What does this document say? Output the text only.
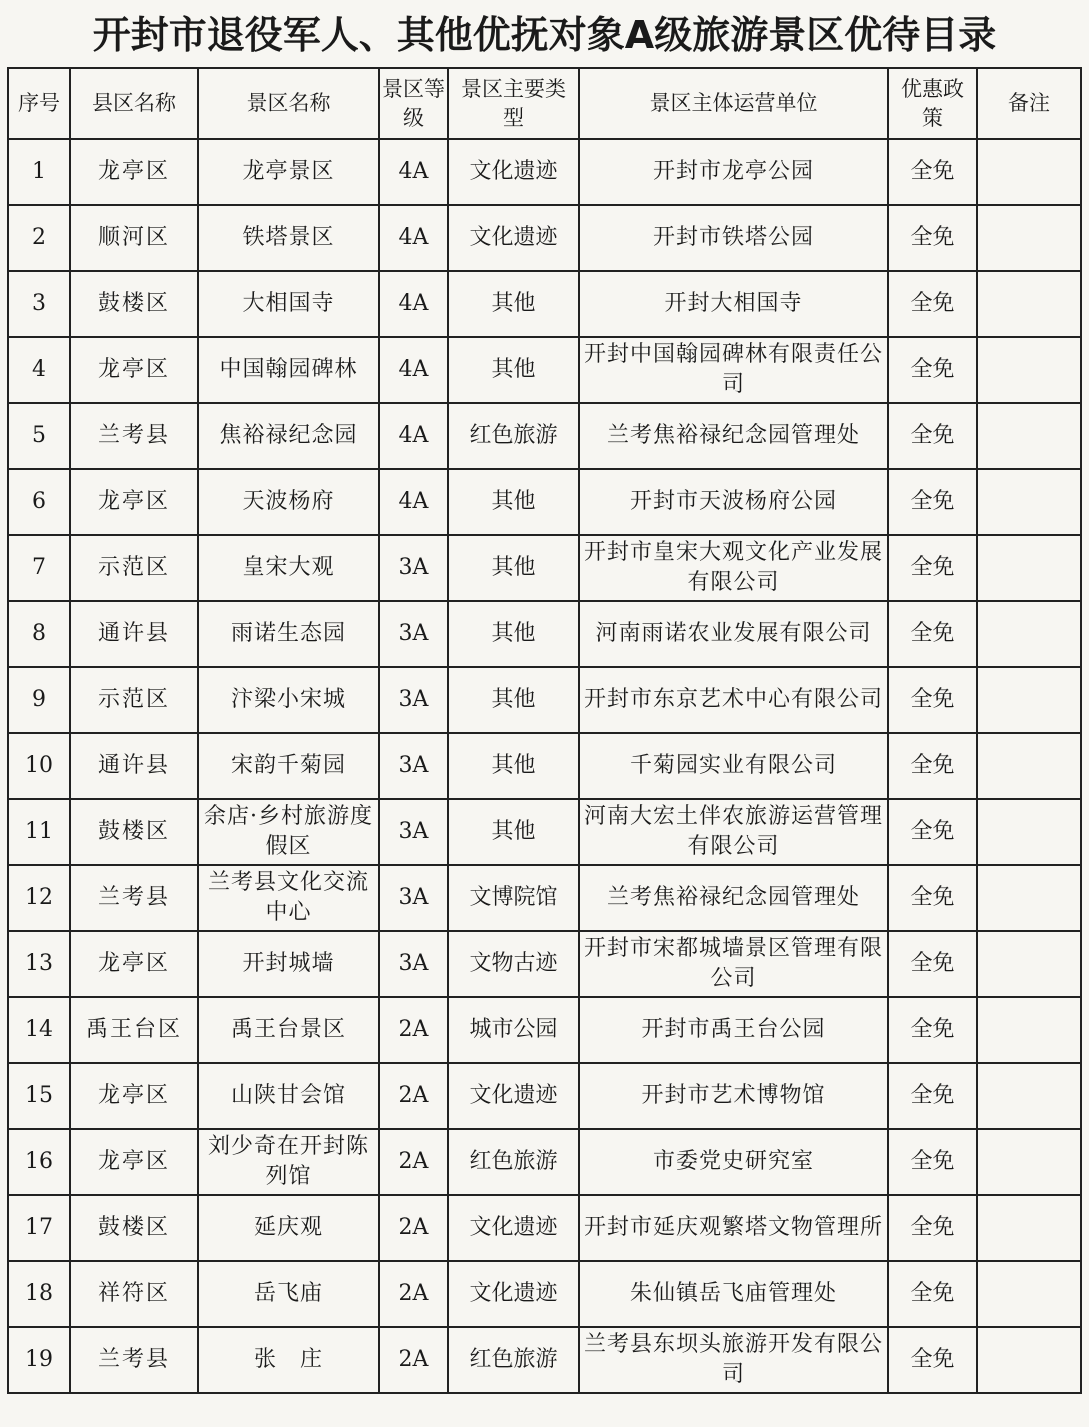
开封市退役军人、其他优抚对象A级旅游景区优待目录
序号	县区名称	景区名称	景区等级	景区主要类型	景区主体运营单位	优惠政策	备注
1	龙亭区	龙亭景区	4A	文化遗迹	开封市龙亭公园	全免	
2	顺河区	铁塔景区	4A	文化遗迹	开封市铁塔公园	全免	
3	鼓楼区	大相国寺	4A	其他	开封大相国寺	全免	
4	龙亭区	中国翰园碑林	4A	其他	开封中国翰园碑林有限责任公司	全免	
5	兰考县	焦裕禄纪念园	4A	红色旅游	兰考焦裕禄纪念园管理处	全免	
6	龙亭区	天波杨府	4A	其他	开封市天波杨府公园	全免	
7	示范区	皇宋大观	3A	其他	开封市皇宋大观文化产业发展有限公司	全免	
8	通许县	雨诺生态园	3A	其他	河南雨诺农业发展有限公司	全免	
9	示范区	汴梁小宋城	3A	其他	开封市东京艺术中心有限公司	全免	
10	通许县	宋韵千菊园	3A	其他	千菊园实业有限公司	全免	
11	鼓楼区	余店·乡村旅游度假区	3A	其他	河南大宏土伴农旅游运营管理有限公司	全免	
12	兰考县	兰考县文化交流中心	3A	文博院馆	兰考焦裕禄纪念园管理处	全免	
13	龙亭区	开封城墙	3A	文物古迹	开封市宋都城墙景区管理有限公司	全免	
14	禹王台区	禹王台景区	2A	城市公园	开封市禹王台公园	全免	
15	龙亭区	山陕甘会馆	2A	文化遗迹	开封市艺术博物馆	全免	
16	龙亭区	刘少奇在开封陈列馆	2A	红色旅游	市委党史研究室	全免	
17	鼓楼区	延庆观	2A	文化遗迹	开封市延庆观繁塔文物管理所	全免	
18	祥符区	岳飞庙	2A	文化遗迹	朱仙镇岳飞庙管理处	全免	
19	兰考县	张　庄	2A	红色旅游	兰考县东坝头旅游开发有限公司	全免	
